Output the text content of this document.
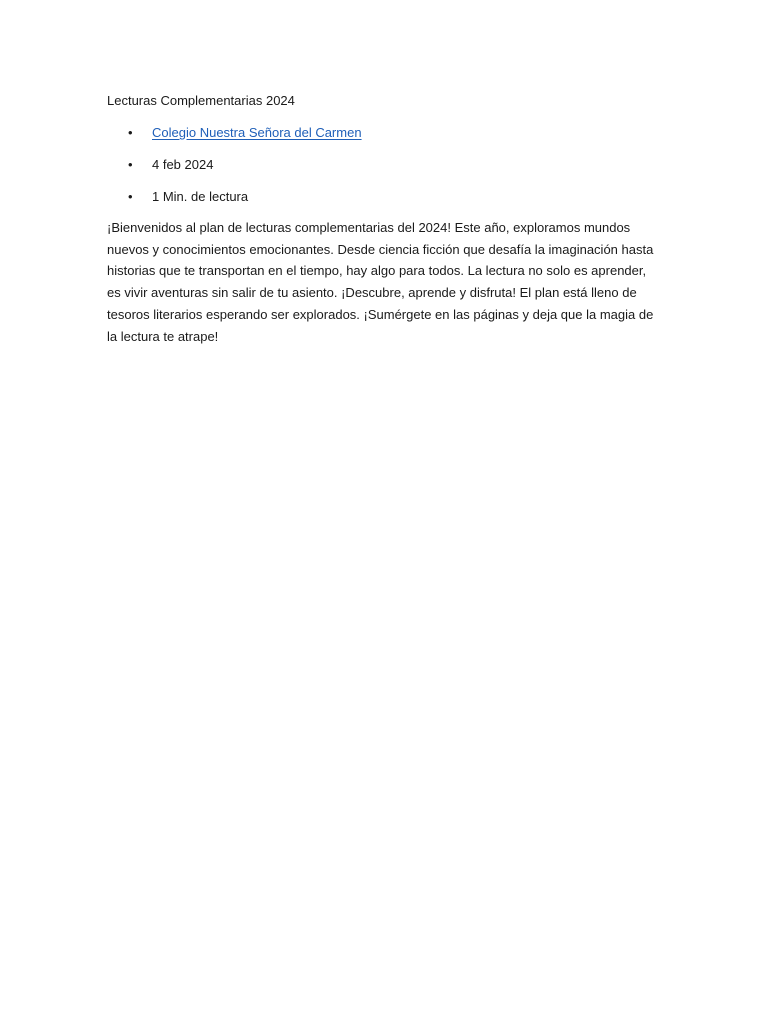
Lecturas Complementarias 2024

• Colegio Nuestra Señora del Carmen
• 4 feb 2024
• 1 Min. de lectura

¡Bienvenidos al plan de lecturas complementarias del 2024! Este año, exploramos mundos nuevos y conocimientos emocionantes. Desde ciencia ficción que desafía la imaginación hasta historias que te transportan en el tiempo, hay algo para todos. La lectura no solo es aprender, es vivir aventuras sin salir de tu asiento. ¡Descubre, aprende y disfruta! El plan está lleno de tesoros literarios esperando ser explorados. ¡Sumérgete en las páginas y deja que la magia de la lectura te atrape!
